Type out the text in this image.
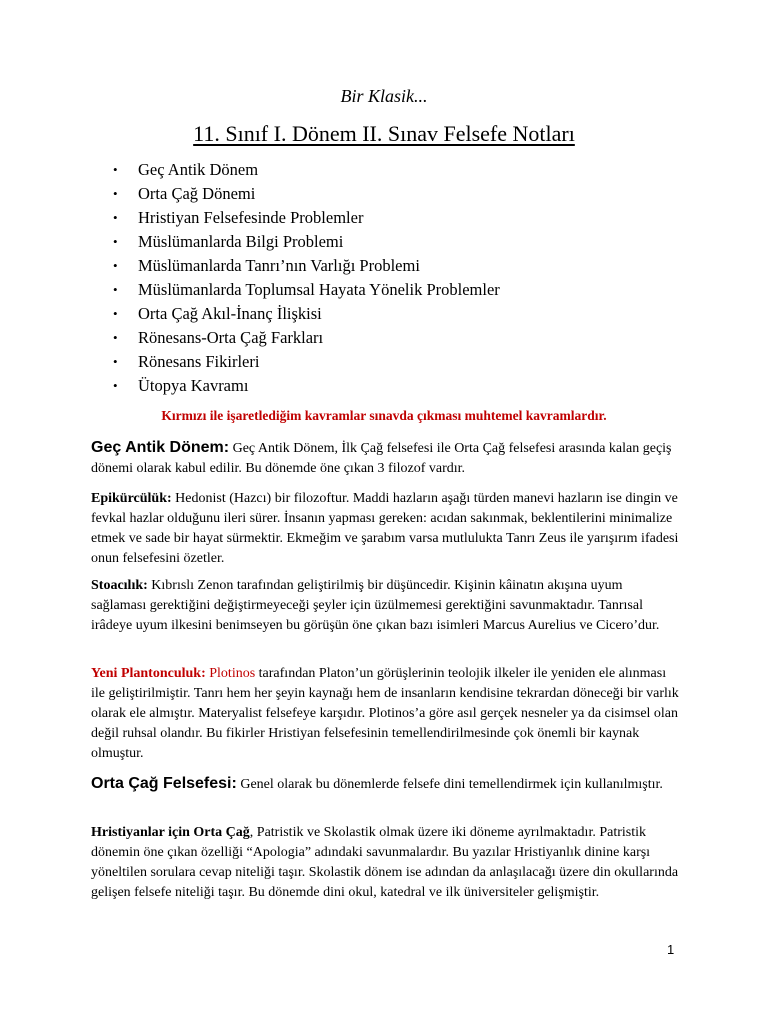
Bir Klasik...
11. Sınıf I. Dönem II. Sınav Felsefe Notları
• Geç Antik Dönem
• Orta Çağ Dönemi
• Hristiyan Felsefesinde Problemler
• Müslümanlarda Bilgi Problemi
• Müslümanlarda Tanrı’nın Varlığı Problemi
• Müslümanlarda Toplumsal Hayata Yönelik Problemler
• Orta Çağ Akıl-İnanç İlişkisi
• Rönesans-Orta Çağ Farkları
• Rönesans Fikirleri
• Ütopya Kavramı
Kırmızı ile işaretlediğim kavramlar sınavda çıkması muhtemel kavramlardır.

Geç Antik Dönem: Geç Antik Dönem, İlk Çağ felsefesi ile Orta Çağ felsefesi arasında kalan geçiş dönemi olarak kabul edilir. Bu dönemde öne çıkan 3 filozof vardır.

Epikürcülük: Hedonist (Hazcı) bir filozoftur. Maddi hazların aşağı türden manevi hazların ise dingin ve fevkal hazlar olduğunu ileri sürer. İnsanın yapması gereken: acıdan sakınmak, beklentilerini minimalize etmek ve sade bir hayat sürmektir. Ekmeğim ve şarabım varsa mutlulukta Tanrı Zeus ile yarışırım ifadesi onun felsefesini özetler.

Stoacılık: Kıbrıslı Zenon tarafından geliştirilmiş bir düşüncedir. Kişinin kâinatın akışına uyum sağlaması gerektiğini değiştirmeyeceği şeyler için üzülmemesi gerektiğini savunmaktadır. Tanrısal irâdeye uyum ilkesini benimseyen bu görüşün öne çıkan bazı isimleri Marcus Aurelius ve Cicero’dur.

Yeni Plantonculuk: Plotinos tarafından Platon’un görüşlerinin teolojik ilkeler ile yeniden ele alınması ile geliştirilmiştir. Tanrı hem her şeyin kaynağı hem de insanların kendisine tekrardan döneceği bir varlık olarak ele almıştır. Materyalist felsefeye karşıdır. Plotinos’a göre asıl gerçek nesneler ya da cisimsel olan değil ruhsal olandır. Bu fikirler Hristiyan felsefesinin temellendirilmesinde çok önemli bir kaynak olmuştur.

Orta Çağ Felsefesi: Genel olarak bu dönemlerde felsefe dini temellendirmek için kullanılmıştır.

Hristiyanlar için Orta Çağ, Patristik ve Skolastik olmak üzere iki döneme ayrılmaktadır. Patristik dönemin öne çıkan özelliği “Apologia” adındaki savunmalardır. Bu yazılar Hristiyanlık dinine karşı yöneltilen sorulara cevap niteliği taşır. Skolastik dönem ise adından da anlaşılacağı üzere din okullarında gelişen felsefe niteliği taşır. Bu dönemde dini okul, katedral ve ilk üniversiteler gelişmiştir.

1
